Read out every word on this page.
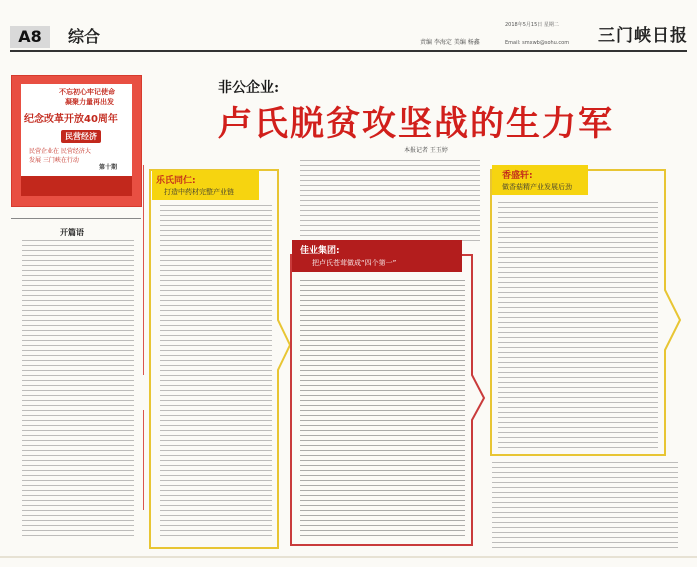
A8	综合
2018年5月15日 星期二
责编 李海定 美编 杨鑫	Email: smxwb@sohu.com 三门峡日报
不忘初心牢记使命
凝聚力量再出发
纪念改革开放40周年
民营经济
民营企业在 民营经济大
发展 三门峡在行动
第十期
开篇语
非公企业:
卢氏脱贫攻坚战的生力军
本报记者 王玉婷
乐氏同仁:
打造中药材完整产业链
佳业集团:
把卢氏苍茸做成“四个第一”
香盛轩:
做香菇精产业发展后劲
